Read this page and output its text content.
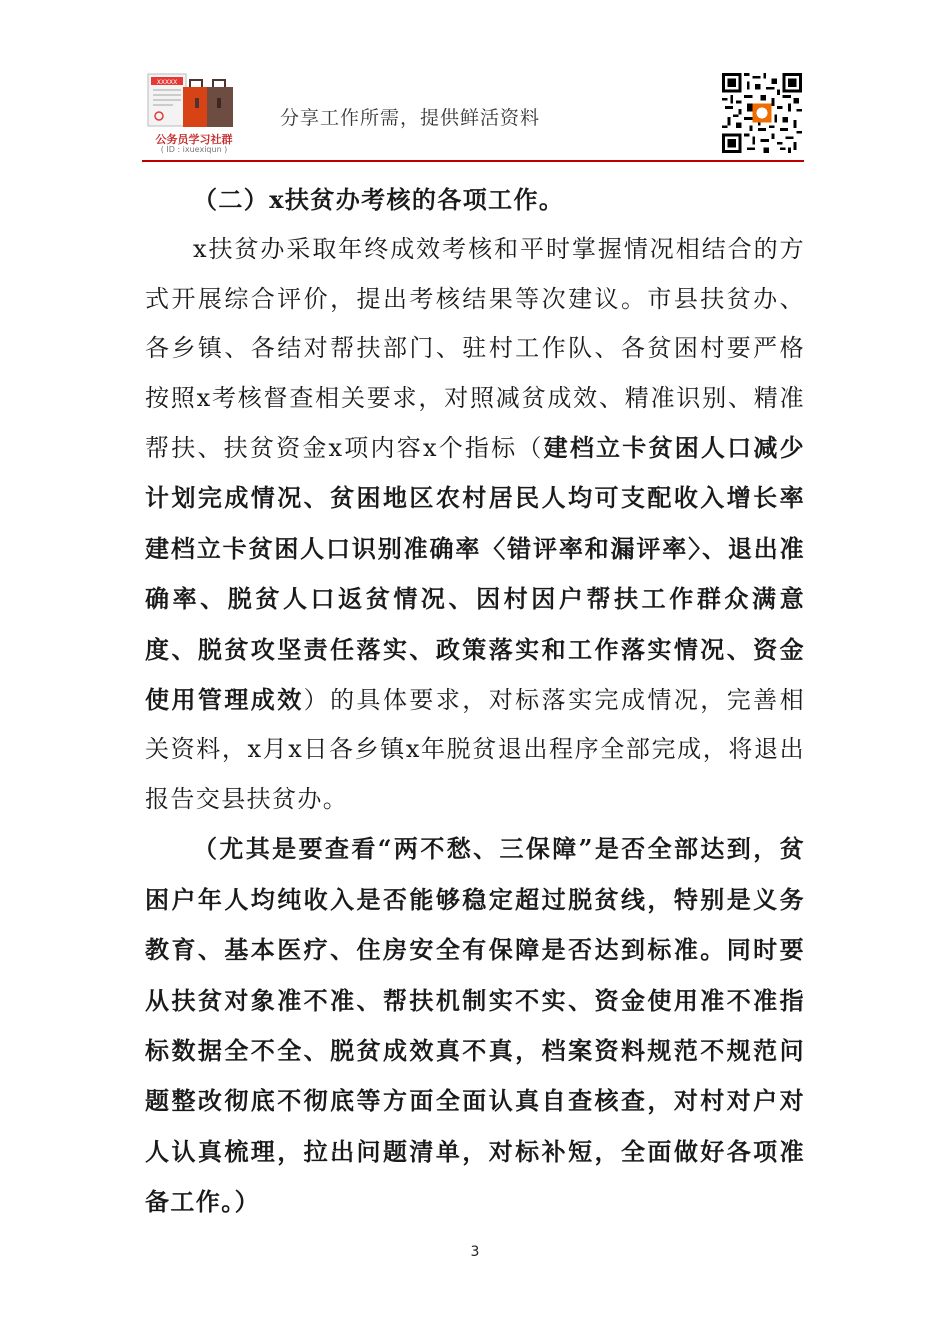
XXXXX
公务员学习社群
( ID : ixuexiqun )
分享工作所需，提供鲜活资料

（二）x扶贫办考核的各项工作。

x扶贫办采取年终成效考核和平时掌握情况相结合的方式开展综合评价，提出考核结果等次建议。市县扶贫办、各乡镇、各结对帮扶部门、驻村工作队、各贫困村要严格按照x考核督查相关要求，对照减贫成效、精准识别、精准帮扶、扶贫资金x项内容x个指标（建档立卡贫困人口减少计划完成情况、贫困地区农村居民人均可支配收入增长率建档立卡贫困人口识别准确率〈错评率和漏评率〉、退出准确率、脱贫人口返贫情况、因村因户帮扶工作群众满意度、脱贫攻坚责任落实、政策落实和工作落实情况、资金使用管理成效）的具体要求，对标落实完成情况，完善相关资料，x月x日各乡镇x年脱贫退出程序全部完成，将退出报告交县扶贫办。

（尤其是要查看“两不愁、三保障”是否全部达到，贫困户年人均纯收入是否能够稳定超过脱贫线，特别是义务教育、基本医疗、住房安全有保障是否达到标准。同时要从扶贫对象准不准、帮扶机制实不实、资金使用准不准指标数据全不全、脱贫成效真不真，档案资料规范不规范问题整改彻底不彻底等方面全面认真自查核查，对村对户对人认真梳理，拉出问题清单，对标补短，全面做好各项准备工作。）

3
